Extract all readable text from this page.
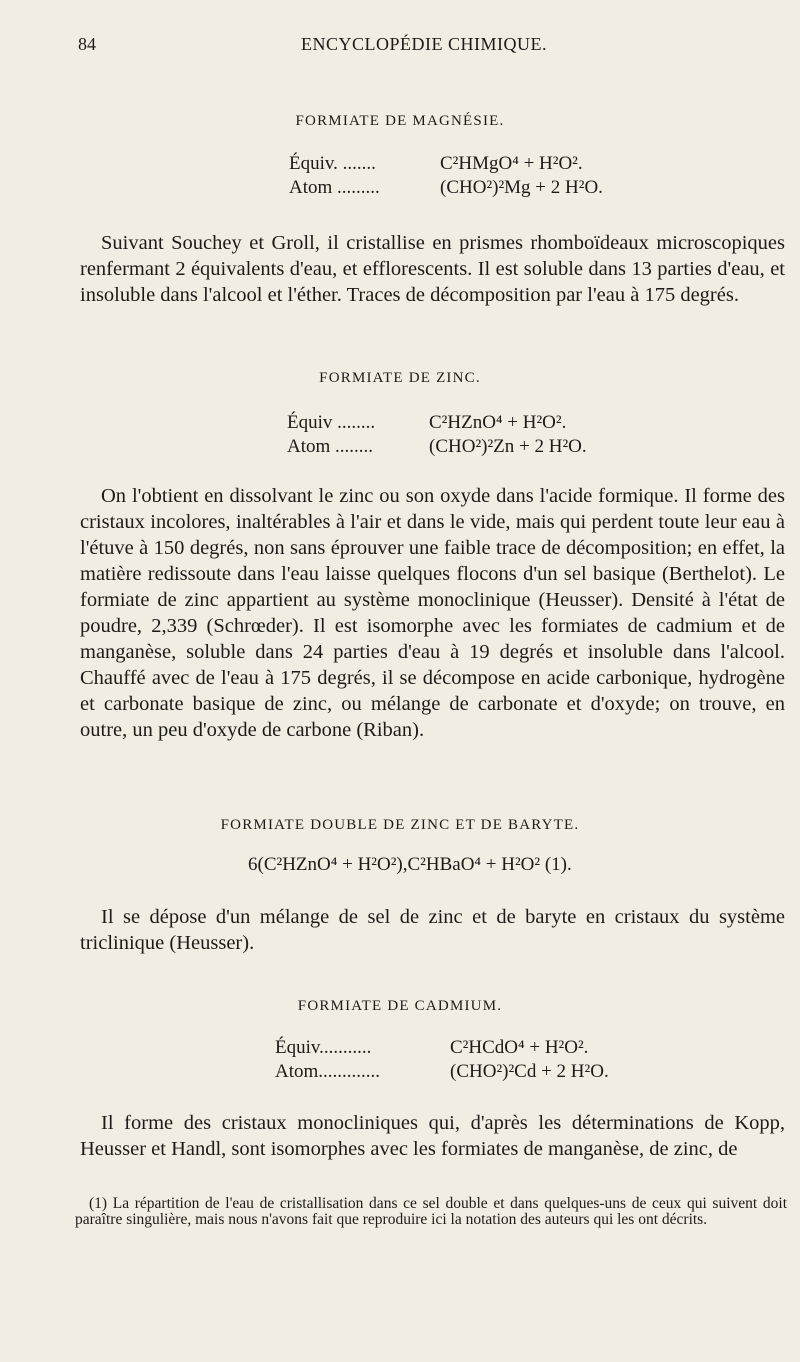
84	ENCYCLOPÉDIE CHIMIQUE.
FORMIATE DE MAGNÉSIE.
Équiv. .......	C²HMgO⁴ + H²O².
Atom .........	(CHO²)²Mg + 2 H²O.

Suivant Souchey et Groll, il cristallise en prismes rhomboïdeaux microscopiques renfermant 2 équivalents d'eau, et efflorescents. Il est soluble dans 13 parties d'eau, et insoluble dans l'alcool et l'éther. Traces de décomposition par l'eau à 175 degrés.

FORMIATE DE ZINC.
Équiv ........	C²HZnO⁴ + H²O².
Atom ........	(CHO²)²Zn + 2 H²O.

On l'obtient en dissolvant le zinc ou son oxyde dans l'acide formique. Il forme des cristaux incolores, inaltérables à l'air et dans le vide, mais qui perdent toute leur eau à l'étuve à 150 degrés, non sans éprouver une faible trace de décomposition; en effet, la matière redissoute dans l'eau laisse quelques flocons d'un sel basique (Berthelot). Le formiate de zinc appartient au système monoclinique (Heusser). Densité à l'état de poudre, 2,339 (Schrœder). Il est isomorphe avec les formiates de cadmium et de manganèse, soluble dans 24 parties d'eau à 19 degrés et insoluble dans l'alcool. Chauffé avec de l'eau à 175 degrés, il se décompose en acide carbonique, hydrogène et carbonate basique de zinc, ou mélange de carbonate et d'oxyde; on trouve, en outre, un peu d'oxyde de carbone (Riban).

FORMIATE DOUBLE DE ZINC ET DE BARYTE.
6(C²HZnO⁴ + H²O²),C²HBaO⁴ + H²O² (1).

Il se dépose d'un mélange de sel de zinc et de baryte en cristaux du système triclinique (Heusser).

FORMIATE DE CADMIUM.
Équiv...........	C²HCdO⁴ + H²O².
Atom.............	(CHO²)²Cd + 2 H²O.

Il forme des cristaux monocliniques qui, d'après les déterminations de Kopp, Heusser et Handl, sont isomorphes avec les formiates de manganèse, de zinc, de

(1) La répartition de l'eau de cristallisation dans ce sel double et dans quelques-uns de ceux qui suivent doit paraître singulière, mais nous n'avons fait que reproduire ici la notation des auteurs qui les ont décrits.
